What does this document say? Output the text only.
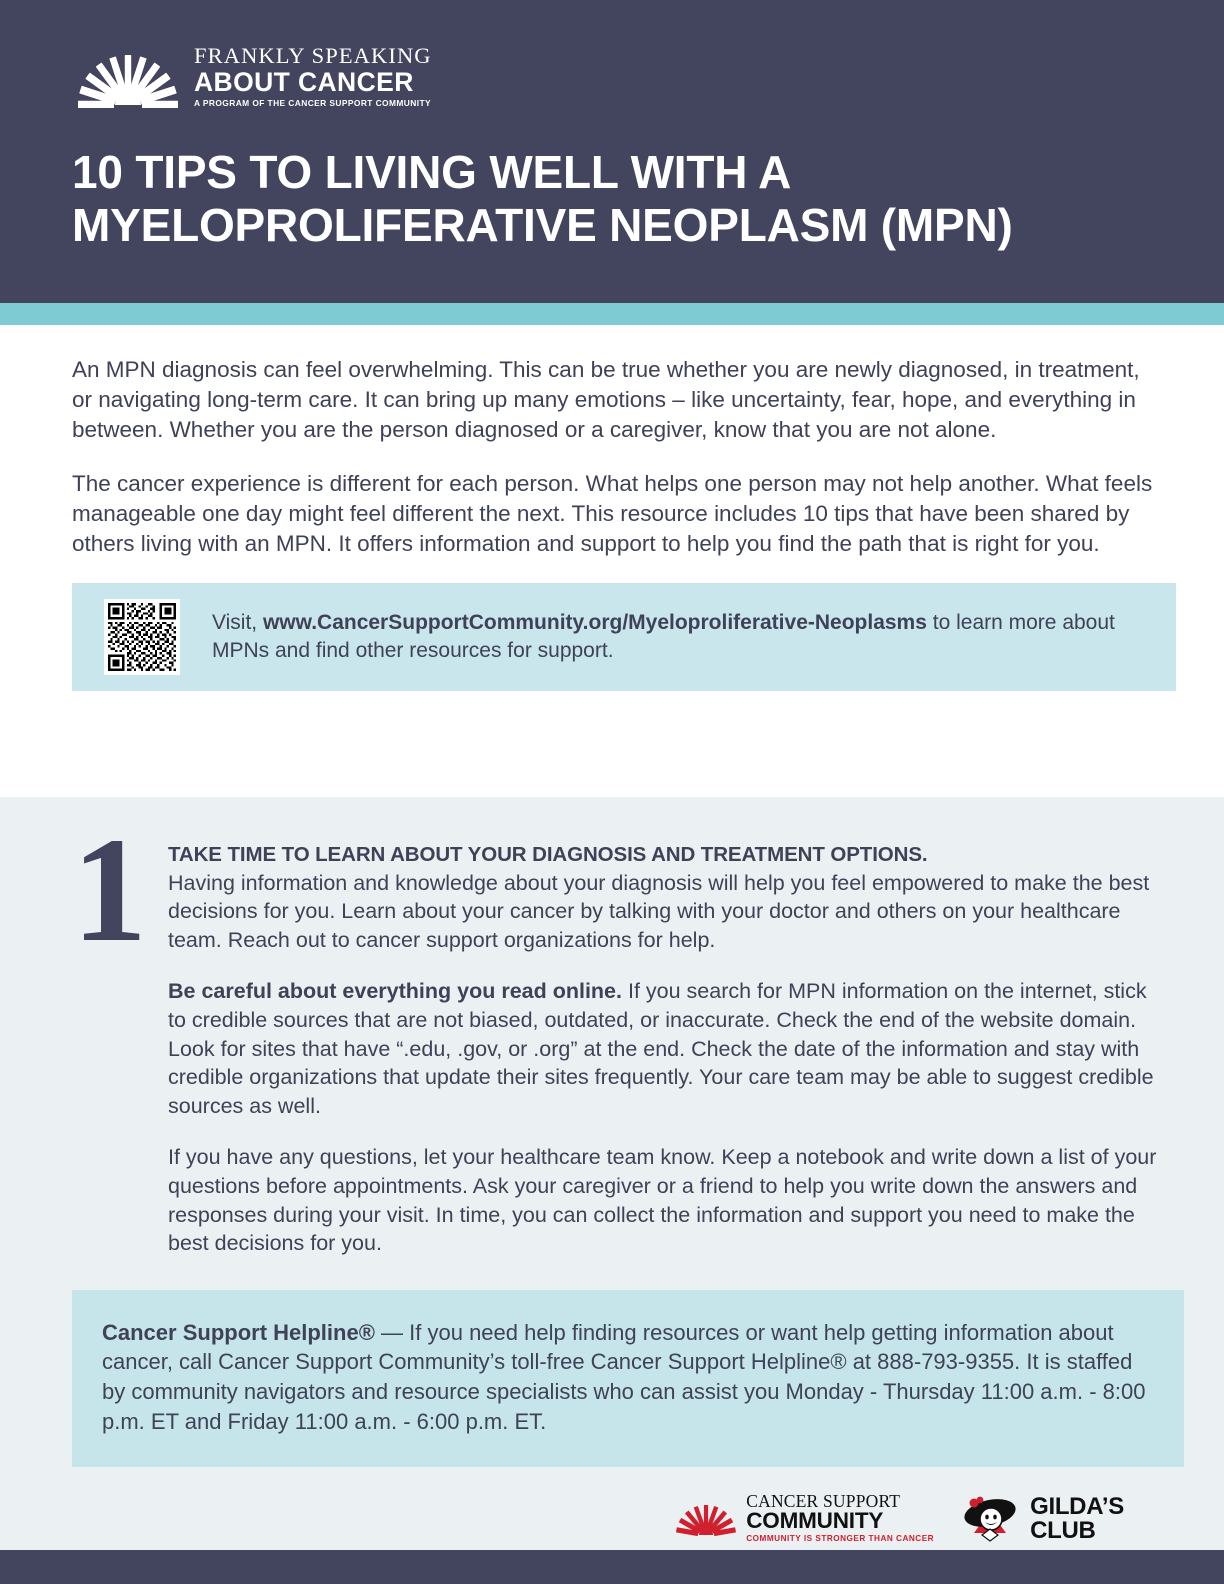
FRANKLY SPEAKING
ABOUT CANCER
A PROGRAM OF THE CANCER SUPPORT COMMUNITY
10 TIPS TO LIVING WELL WITH A MYELOPROLIFERATIVE NEOPLASM (MPN)

An MPN diagnosis can feel overwhelming. This can be true whether you are newly diagnosed, in treatment, or navigating long-term care. It can bring up many emotions – like uncertainty, fear, hope, and everything in between. Whether you are the person diagnosed or a caregiver, know that you are not alone.

The cancer experience is different for each person. What helps one person may not help another. What feels manageable one day might feel different the next. This resource includes 10 tips that have been shared by others living with an MPN. It offers information and support to help you find the path that is right for you.

Visit, www.CancerSupportCommunity.org/Myeloproliferative-Neoplasms to learn more about MPNs and find other resources for support.
1	TAKE TIME TO LEARN ABOUT YOUR DIAGNOSIS AND TREATMENT OPTIONS.

Having information and knowledge about your diagnosis will help you feel empowered to make the best decisions for you. Learn about your cancer by talking with your doctor and others on your healthcare team. Reach out to cancer support organizations for help.

Be careful about everything you read online. If you search for MPN information on the internet, stick to credible sources that are not biased, outdated, or inaccurate. Check the end of the website domain. Look for sites that have “.edu, .gov, or .org” at the end. Check the date of the information and stay with credible organizations that update their sites frequently. Your care team may be able to suggest credible sources as well.

If you have any questions, let your healthcare team know. Keep a notebook and write down a list of your questions before appointments. Ask your caregiver or a friend to help you write down the answers and responses during your visit. In time, you can collect the information and support you need to make the best decisions for you.

Cancer Support Helpline® — If you need help finding resources or want help getting information about cancer, call Cancer Support Community’s toll-free Cancer Support Helpline® at 888-793-9355. It is staffed by community navigators and resource specialists who can assist you Monday - Thursday 11:00 a.m. - 8:00 p.m. ET and Friday 11:00 a.m. - 6:00 p.m. ET.

CANCER SUPPORT
COMMUNITY
COMMUNITY IS STRONGER THAN CANCER
GILDA’S
CLUB
